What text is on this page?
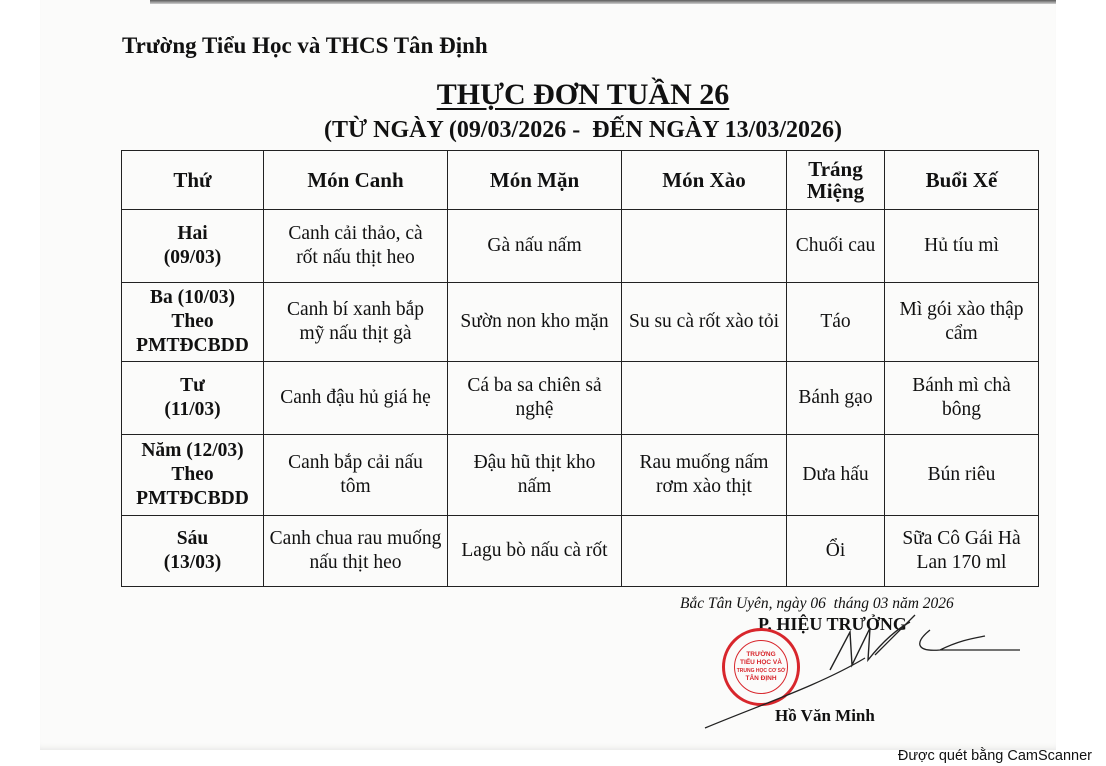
Trường Tiểu Học và THCS Tân Định
THỰC ĐƠN TUẦN 26
(TỪ NGÀY (09/03/2026 -  ĐẾN NGÀY 13/03/2026)
Thứ	Món Canh	Món Mặn	Món Xào	Tráng Miệng	Buổi Xế
Hai (09/03)	Canh cải thảo, cà rốt nấu thịt heo	Gà nấu nấm		Chuối cau	Hủ tíu mì
Ba (10/03) Theo PMTĐCBDD	Canh bí xanh bắp mỹ nấu thịt gà	Sườn non kho mặn	Su su cà rốt xào tỏi	Táo	Mì gói xào thập cẩm
Tư (11/03)	Canh đậu hủ giá hẹ	Cá ba sa chiên sả nghệ		Bánh gạo	Bánh mì chà bông
Năm (12/03) Theo PMTĐCBDD	Canh bắp cải nấu tôm	Đậu hũ thịt kho nấm	Rau muống nấm rơm xào thịt	Dưa hấu	Bún riêu
Sáu (13/03)	Canh chua rau muống nấu thịt heo	Lagu bò nấu cà rốt		Ổi	Sữa Cô Gái Hà Lan 170 ml
Bắc Tân Uyên, ngày 06  tháng 03 năm 2026
P. HIỆU TRƯỞNG
TRƯỜNG
TIỂU HỌC VÀ
TRUNG HỌC CƠ SỞ
TÂN ĐỊNH
Hồ Văn Minh
Được quét bằng CamScanner
